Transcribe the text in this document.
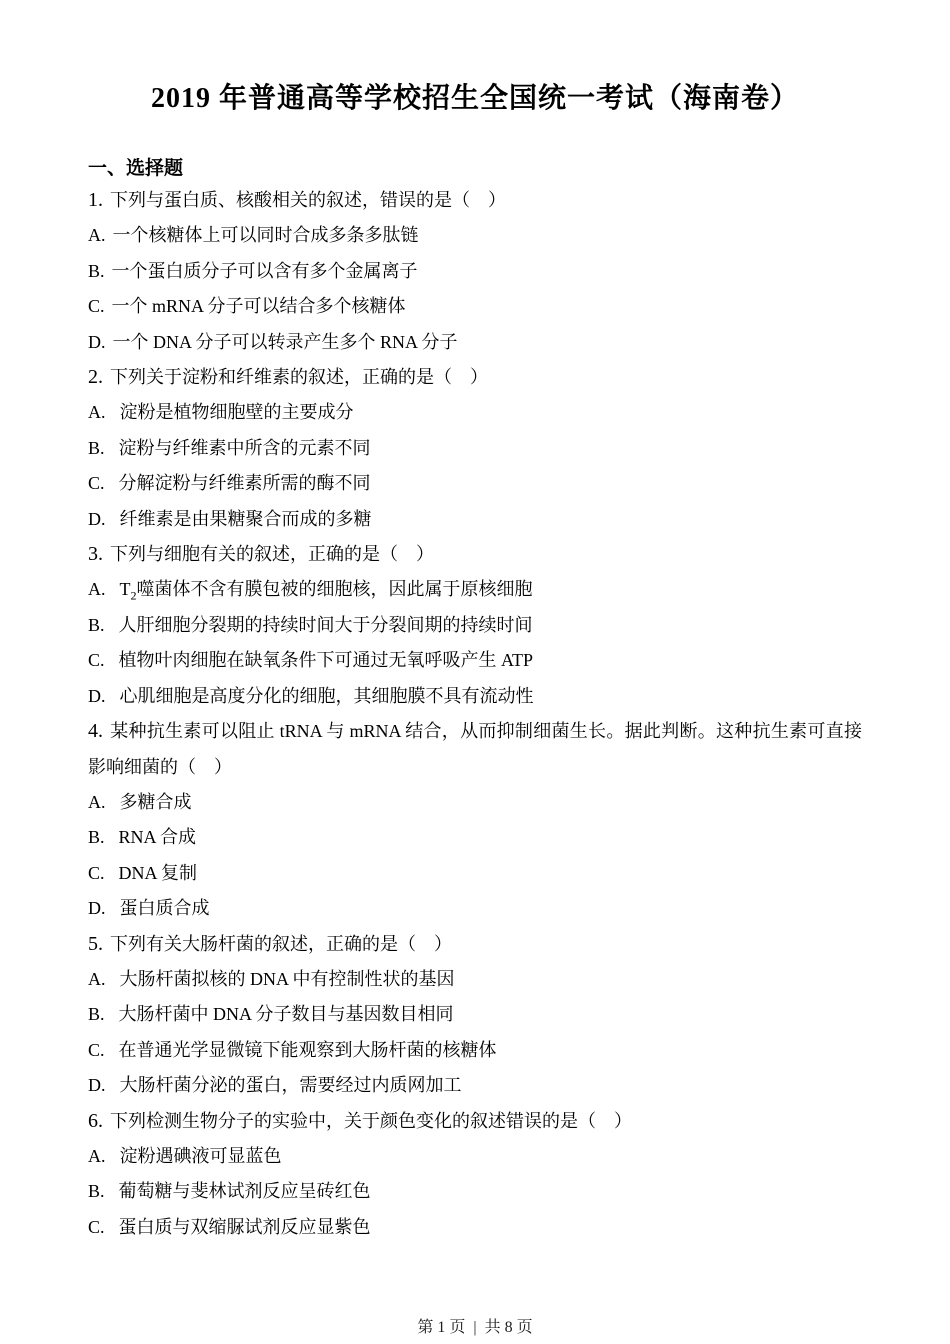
2019 年普通高等学校招生全国统一考试（海南卷）
一、选择题

1. 下列与蛋白质、核酸相关的叙述，错误的是（　）

A. 一个核糖体上可以同时合成多条多肽链

B. 一个蛋白质分子可以含有多个金属离子

C. 一个 mRNA 分子可以结合多个核糖体

D. 一个 DNA 分子可以转录产生多个 RNA 分子

2. 下列关于淀粉和纤维素的叙述，正确的是（　）

A. 淀粉是植物细胞壁的主要成分

B. 淀粉与纤维素中所含的元素不同

C. 分解淀粉与纤维素所需的酶不同

D. 纤维素是由果糖聚合而成的多糖

3. 下列与细胞有关的叙述，正确的是（　）

A. $T_2$噬菌体不含有膜包被的细胞核，因此属于原核细胞

B. 人肝细胞分裂期的持续时间大于分裂间期的持续时间

C. 植物叶肉细胞在缺氧条件下可通过无氧呼吸产生 ATP

D. 心肌细胞是高度分化的细胞，其细胞膜不具有流动性

4. 某种抗生素可以阻止 tRNA 与 mRNA 结合，从而抑制细菌生长。据此判断。这种抗生素可直接影响细菌的（　）

A. 多糖合成

B. RNA 合成

C. DNA 复制

D. 蛋白质合成

5. 下列有关大肠杆菌的叙述，正确的是（　）

A. 大肠杆菌拟核的 DNA 中有控制性状的基因

B. 大肠杆菌中 DNA 分子数目与基因数目相同

C. 在普通光学显微镜下能观察到大肠杆菌的核糖体

D. 大肠杆菌分泌的蛋白，需要经过内质网加工

6. 下列检测生物分子的实验中，关于颜色变化的叙述错误的是（　）

A. 淀粉遇碘液可显蓝色

B. 葡萄糖与斐林试剂反应呈砖红色

C. 蛋白质与双缩脲试剂反应显紫色

第 1 页 | 共 8 页
